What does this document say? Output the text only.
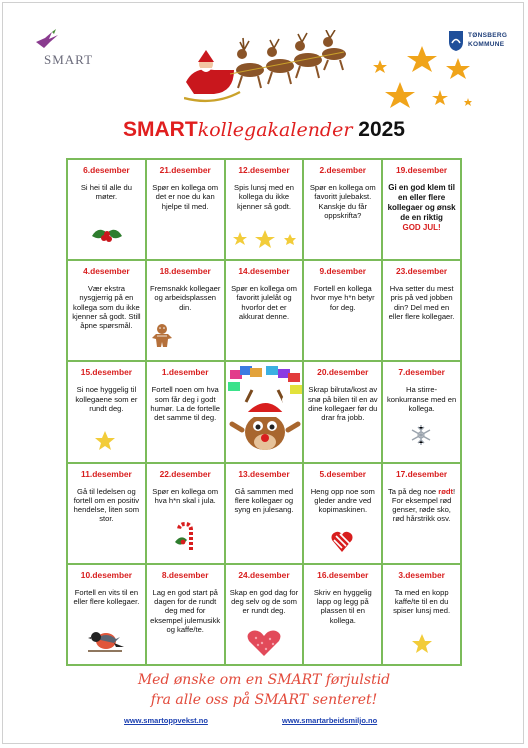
SMART
TØNSBERG
KOMMUNE
SMARTkollegakalender 2025
6.desember
Si hei til alle du møter.
21.desember
Spør en kollega om det er noe du kan hjelpe til med.
12.desember
Spis lunsj med en kollega du ikke kjenner så godt.
2.desember
Spør en kollega om favoritt julebakst. Kanskje du får oppskrifta?
19.desember
Gi en god klem til en eller flere kollegaer og ønsk de en riktig
GOD JUL!
4.desember
Vær ekstra nysgjerrig på en kollega som du ikke kjenner så godt. Still åpne spørsmål.
18.desember
Fremsnakk kollegaer og arbeidsplassen din.
14.desember
Spør en kollega om favoritt julelåt og hvorfor det er akkurat denne.
9.desember
Fortell en kollega hvor mye h*n betyr for deg.
23.desember
Hva setter du mest pris på ved jobben din? Del med en eller flere kollegaer.
15.desember
Si noe hyggelig til kollegaene som er rundt deg.
1.desember
Fortell noen om hva som får deg i godt humør. La de fortelle det samme til deg.
20.desember
Skrap bilruta/kost av snø på bilen til en av dine kollegaer før du drar fra jobb.
7.desember
Ha stirre-konkurranse med en kollega.
11.desember
Gå til ledelsen og fortell om en positiv hendelse, liten som stor.
22.desember
Spør en kollega om hva h*n skal i jula.
13.desember
Gå sammen med flere kollegaer og syng en julesang.
5.desember
Heng opp noe som gleder andre ved kopimaskinen.
17.desember
Ta på deg noe rødt! For eksempel rød genser, røde sko, rød hårstrikk osv.
10.desember
Fortell en vits til en eller flere kollegaer.
8.desember
Lag en god start på dagen for de rundt deg med for eksempel julemusikk og kaffe/te.
24.desember
Skap en god dag for deg selv og de som er rundt deg.
16.desember
Skriv en hyggelig lapp og legg på plassen til en kollega.
3.desember
Ta med en kopp kaffe/te til en du spiser lunsj med.
Med ønske om en SMART førjulstid
fra alle oss på SMART senteret!
www.smartoppvekst.no	www.smartarbeidsmiljo.no
